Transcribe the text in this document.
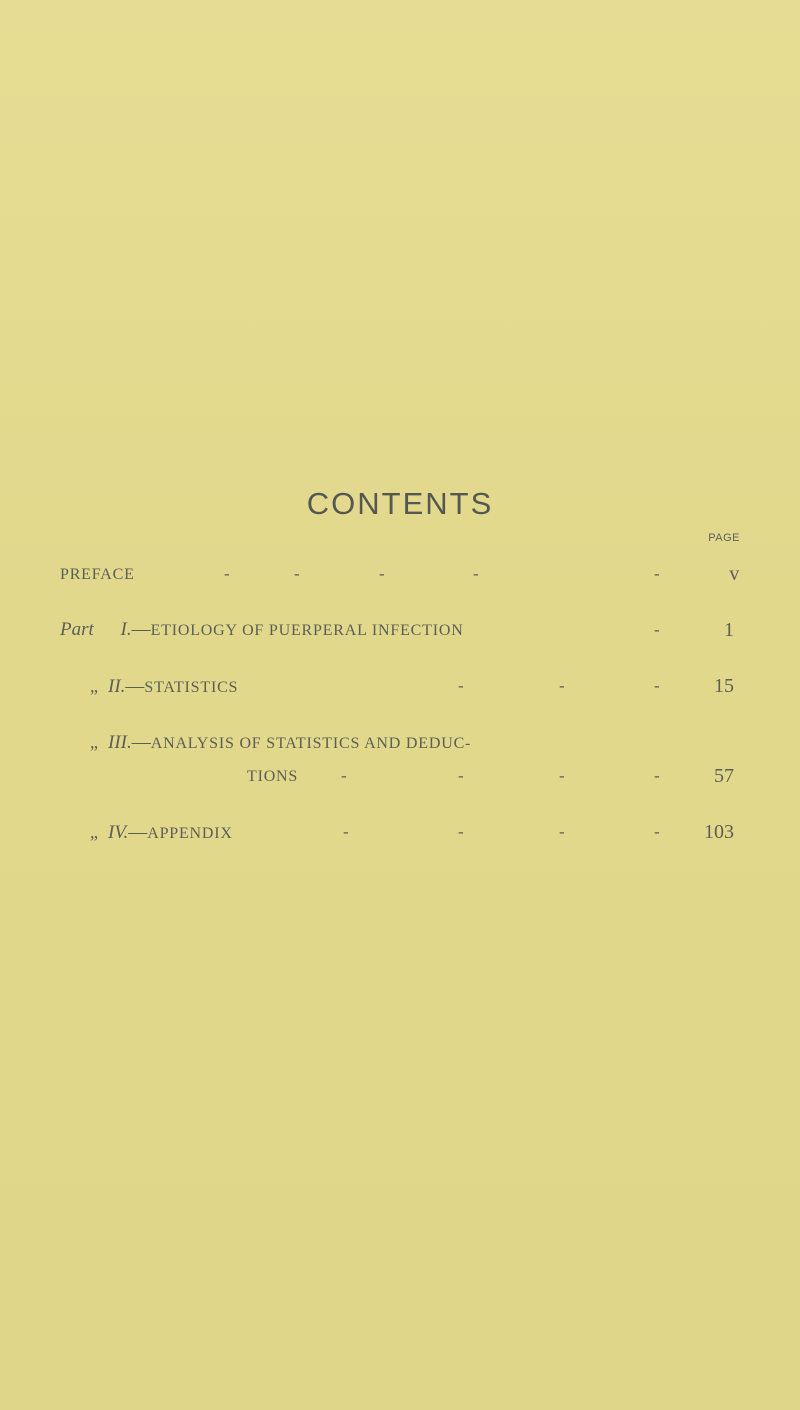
CONTENTS
PAGE
PREFACE	-	-	-	-	-	v
Part I.—ETIOLOGY OF PUERPERAL INFECTION	-	1
„ II.—STATISTICS	-	-	-	15
„ III.—ANALYSIS OF STATISTICS AND DEDUC-
TIONS	-	-	-	-	57
„ IV.—APPENDIX	-	-	-	-	103
